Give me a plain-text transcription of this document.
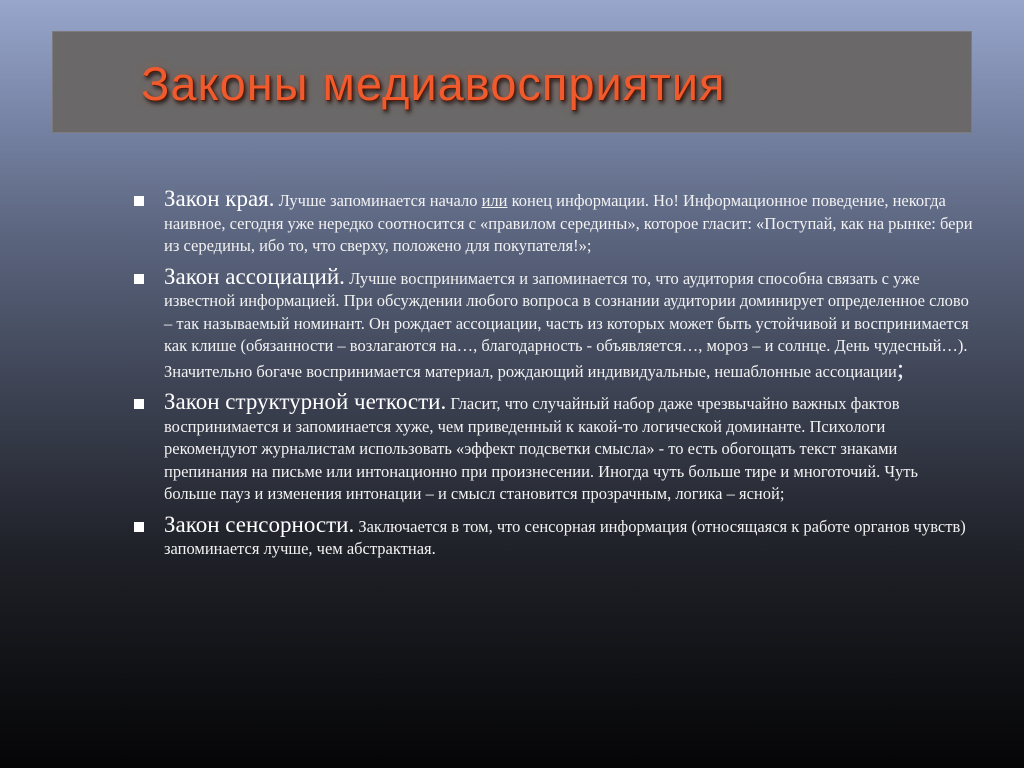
Законы медиавосприятия
Закон края. Лучше запоминается начало или конец информации. Но! Информационное поведение, некогда наивное, сегодня уже нередко соотносится с «правилом середины», которое гласит: «Поступай, как на рынке: бери из середины, ибо то, что сверху, положено для покупателя!»;
Закон ассоциаций. Лучше воспринимается и запоминается то, что аудитория способна связать с уже известной информацией. При обсуждении любого вопроса в сознании аудитории доминирует определенное слово – так называемый номинант. Он рождает ассоциации, часть из которых может быть устойчивой и воспринимается как клише (обязанности – возлагаются на…, благодарность - объявляется…, мороз – и солнце. День чудесный…). Значительно богаче воспринимается материал, рождающий индивидуальные, нешаблонные ассоциации;
Закон структурной четкости. Гласит, что случайный набор даже чрезвычайно важных фактов воспринимается и запоминается хуже, чем приведенный к какой-то логической доминанте. Психологи рекомендуют журналистам использовать «эффект подсветки смысла» - то есть обогощать текст знаками препинания на письме или интонационно при произнесении. Иногда чуть больше тире и многоточий. Чуть больше пауз и изменения интонации – и смысл становится прозрачным, логика – ясной;
Закон сенсорности. Заключается в том, что сенсорная информация (относящаяся к работе органов чувств) запоминается лучше, чем абстрактная.
